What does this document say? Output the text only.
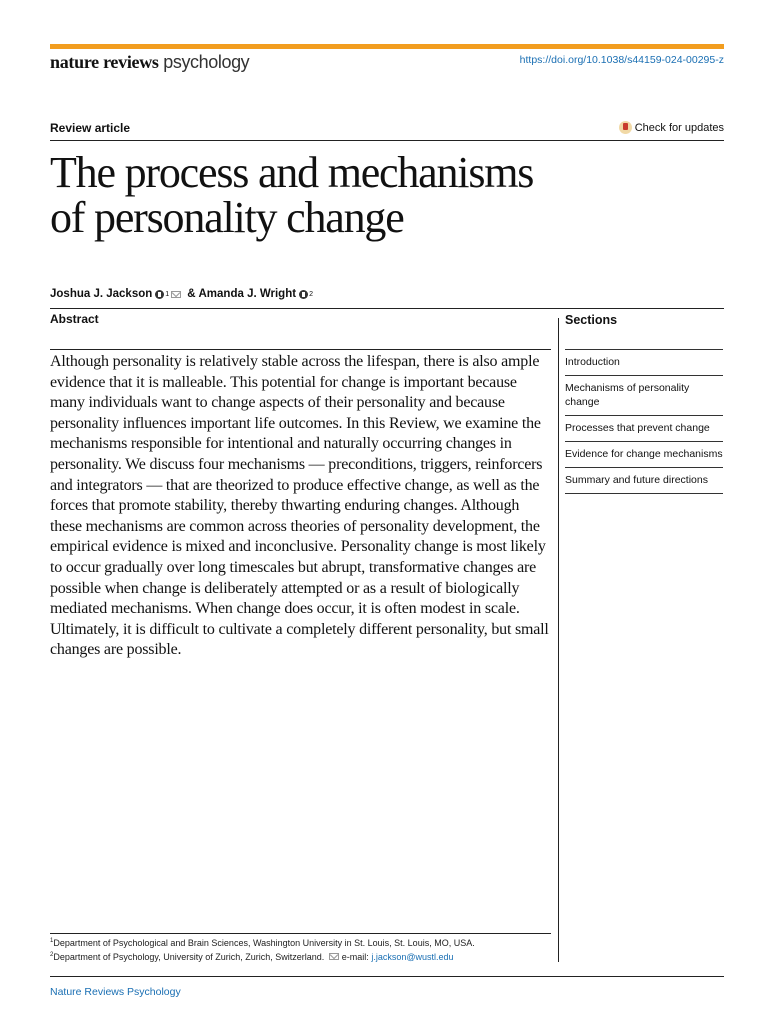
nature reviews psychology	https://doi.org/10.1038/s44159-024-00295-z
Review article	Check for updates
The process and mechanisms
of personality change
Joshua J. Jackson 1 & Amanda J. Wright 2
Abstract

Although personality is relatively stable across the lifespan, there is also ample evidence that it is malleable. This potential for change is important because many individuals want to change aspects of their personality and because personality influences important life outcomes. In this Review, we examine the mechanisms responsible for intentional and naturally occurring changes in personality. We discuss four mechanisms — preconditions, triggers, reinforcers and integrators — that are theorized to produce effective change, as well as the forces that promote stability, thereby thwarting enduring changes. Although these mechanisms are common across theories of personality development, the empirical evidence is mixed and inconclusive. Personality change is most likely to occur gradually over long timescales but abrupt, transformative changes are possible when change is deliberately attempted or as a result of biologically mediated mechanisms. When change does occur, it is often modest in scale. Ultimately, it is difficult to cultivate a completely different personality, but small changes are possible.

Sections
Introduction
Mechanisms of personality change
Processes that prevent change
Evidence for change mechanisms
Summary and future directions
$^1$Department of Psychological and Brain Sciences, Washington University in St. Louis, St. Louis, MO, USA.
$^2$Department of Psychology, University of Zurich, Zurich, Switzerland. e-mail: j.jackson@wustl.edu
Nature Reviews Psychology
